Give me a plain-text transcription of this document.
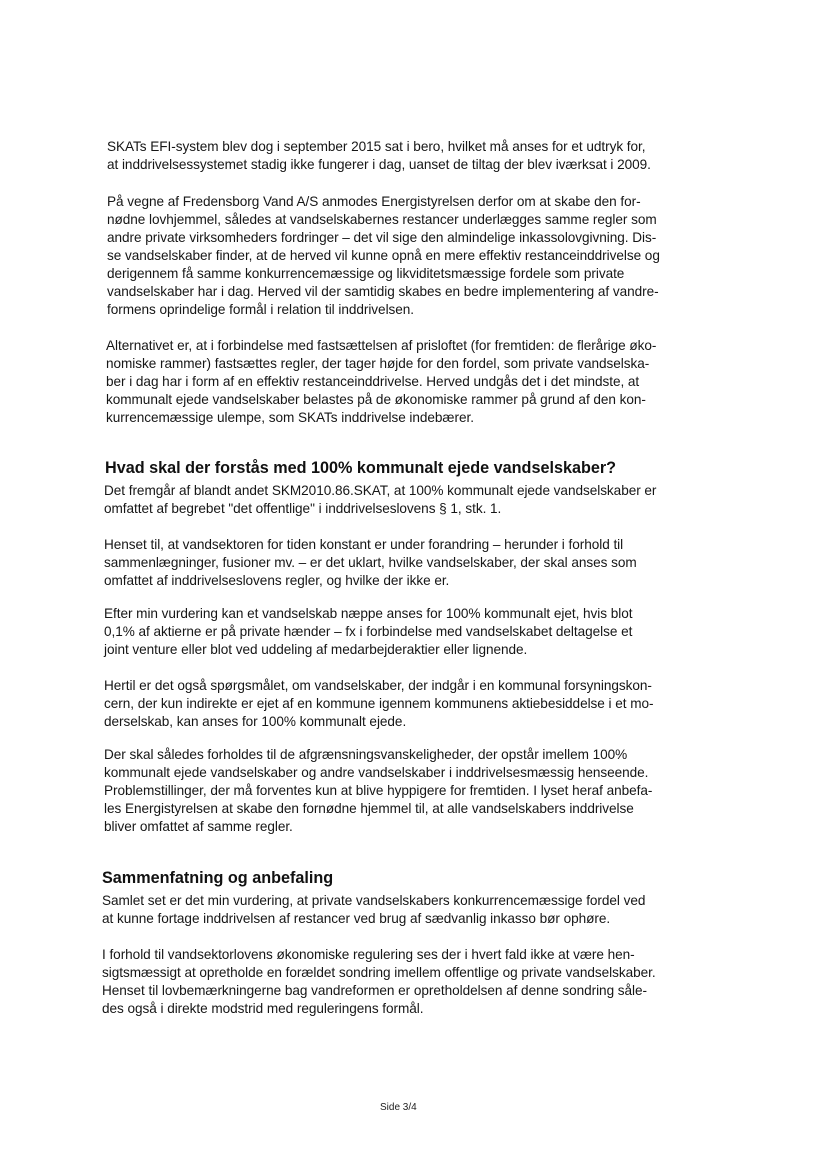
SKATs EFI-system blev dog i september 2015 sat i bero, hvilket må anses for et udtryk for,
at inddrivelsessystemet stadig ikke fungerer i dag, uanset de tiltag der blev iværksat i 2009.
På vegne af Fredensborg Vand A/S anmodes Energistyrelsen derfor om at skabe den for-
nødne lovhjemmel, således at vandselskabernes restancer underlægges samme regler som
andre private virksomheders fordringer – det vil sige den almindelige inkassolovgivning. Dis-
se vandselskaber finder, at de herved vil kunne opnå en mere effektiv restanceinddrivelse og
derigennem få samme konkurrencemæssige og likviditetsmæssige fordele som private
vandselskaber har i dag. Herved vil der samtidig skabes en bedre implementering af vandre-
formens oprindelige formål i relation til inddrivelsen.
Alternativet er, at i forbindelse med fastsættelsen af prisloftet (for fremtiden: de flerårige øko-
nomiske rammer) fastsættes regler, der tager højde for den fordel, som private vandselska-
ber i dag har i form af en effektiv restanceinddrivelse. Herved undgås det i det mindste, at
kommunalt ejede vandselskaber belastes på de økonomiske rammer på grund af den kon-
kurrencemæssige ulempe, som SKATs inddrivelse indebærer.
Hvad skal der forstås med 100% kommunalt ejede vandselskaber?
Det fremgår af blandt andet SKM2010.86.SKAT, at 100% kommunalt ejede vandselskaber er
omfattet af begrebet "det offentlige" i inddrivelseslovens § 1, stk. 1.
Henset til, at vandsektoren for tiden konstant er under forandring – herunder i forhold til
sammenlægninger, fusioner mv. – er det uklart, hvilke vandselskaber, der skal anses som
omfattet af inddrivelseslovens regler, og hvilke der ikke er.
Efter min vurdering kan et vandselskab næppe anses for 100% kommunalt ejet, hvis blot
0,1% af aktierne er på private hænder – fx i forbindelse med vandselskabet deltagelse et
joint venture eller blot ved uddeling af medarbejderaktier eller lignende.
Hertil er det også spørgsmålet, om vandselskaber, der indgår i en kommunal forsyningskon-
cern, der kun indirekte er ejet af en kommune igennem kommunens aktiebesiddelse i et mo-
derselskab, kan anses for 100% kommunalt ejede.
Der skal således forholdes til de afgrænsningsvanskeligheder, der opstår imellem 100%
kommunalt ejede vandselskaber og andre vandselskaber i inddrivelsesmæssig henseende.
Problemstillinger, der må forventes kun at blive hyppigere for fremtiden. I lyset heraf anbefa-
les Energistyrelsen at skabe den fornødne hjemmel til, at alle vandselskabers inddrivelse
bliver omfattet af samme regler.
Sammenfatning og anbefaling
Samlet set er det min vurdering, at private vandselskabers konkurrencemæssige fordel ved
at kunne fortage inddrivelsen af restancer ved brug af sædvanlig inkasso bør ophøre.
I forhold til vandsektorlovens økonomiske regulering ses der i hvert fald ikke at være hen-
sigtsmæssigt at opretholde en forældet sondring imellem offentlige og private vandselskaber.
Henset til lovbemærkningerne bag vandreformen er opretholdelsen af denne sondring såle-
des også i direkte modstrid med reguleringens formål.
Side 3/4
